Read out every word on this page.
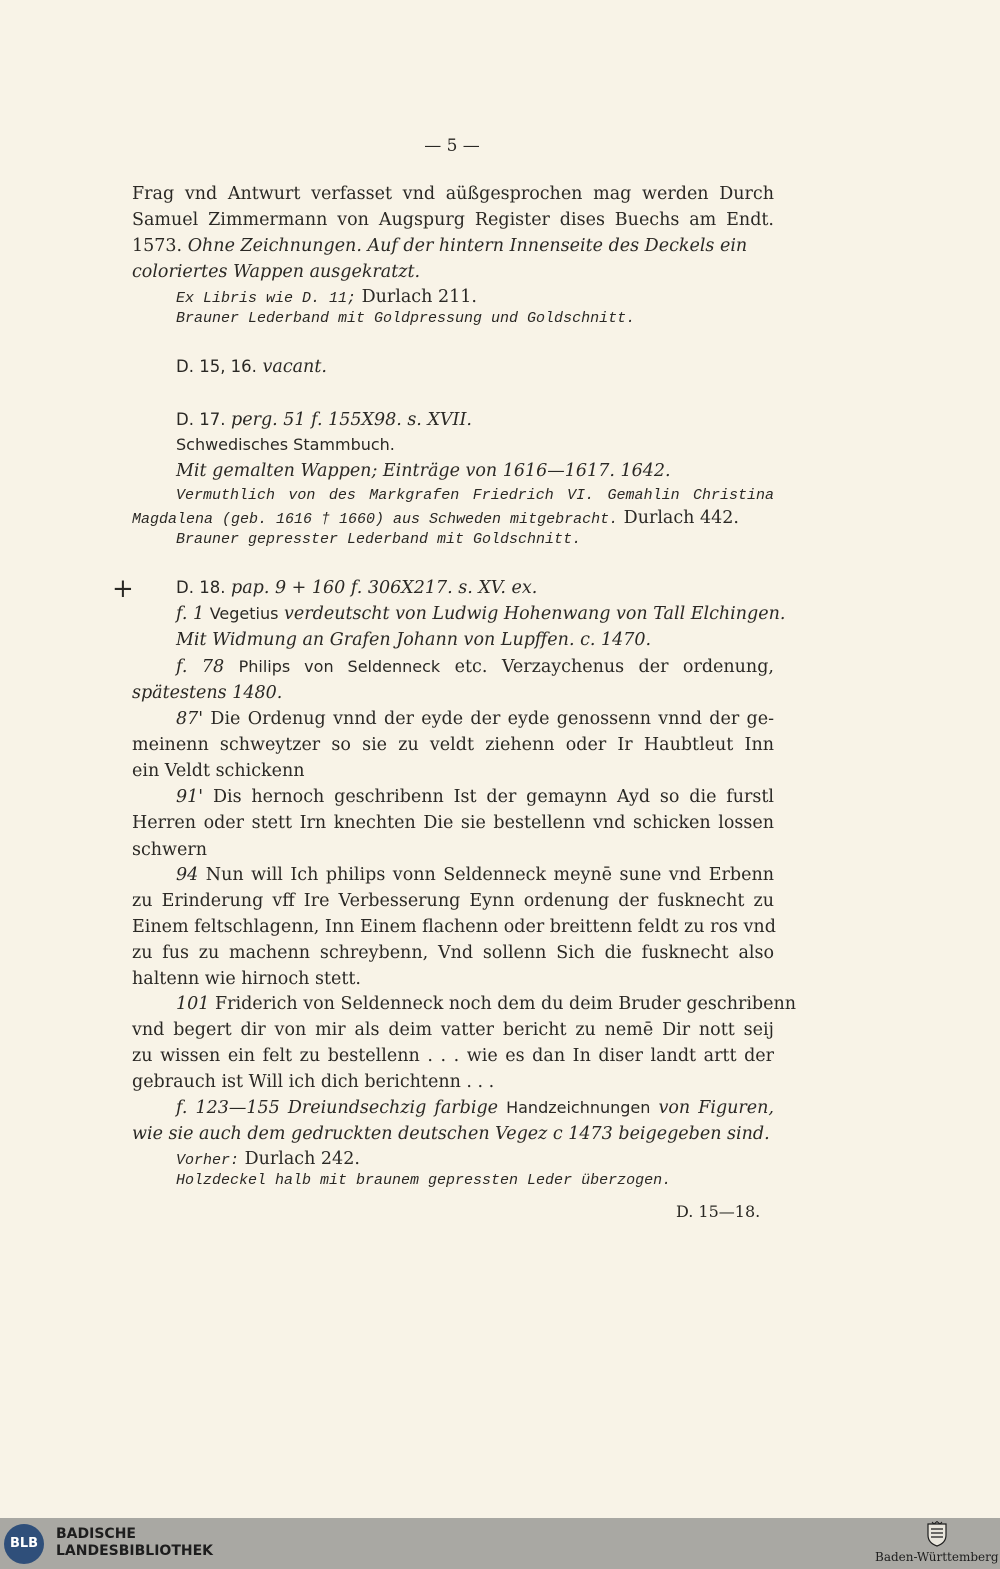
— 5 —
Frag vnd Antwurt verfasset vnd aüßgesprochen mag werden Durch
Samuel Zimmermann von Augspurg Register dises Buechs am Endt.
1573. Ohne Zeichnungen. Auf der hintern Innenseite des Deckels ein
coloriertes Wappen ausgekratzt.
Ex Libris wie D. 11; Durlach 211.
Brauner Lederband mit Goldpressung und Goldschnitt.
D. 15, 16. vacant.
D. 17. perg. 51 f. 155X98. s. XVII.
Schwedisches Stammbuch.
Mit gemalten Wappen; Einträge von 1616—1617. 1642.
Vermuthlich von des Markgrafen Friedrich VI. Gemahlin Christina
Magdalena (geb. 1616 † 1660) aus Schweden mitgebracht. Durlach 442.
Brauner gepresster Lederband mit Goldschnitt.
+	D. 18. pap. 9 + 160 f. 306X217. s. XV. ex.
f. 1 Vegetius verdeutscht von Ludwig Hohenwang von Tall Elchingen.
Mit Widmung an Grafen Johann von Lupffen. c. 1470.
f. 78 Philips von Seldenneck etc. Verzaychenus der ordenung,
spätestens 1480.
87' Die Ordenug vnnd der eyde der eyde genossenn vnnd der ge-
meinenn schweytzer so sie zu veldt ziehenn oder Ir Haubtleut Inn
ein Veldt schickenn
91' Dis hernoch geschribenn Ist der gemaynn Ayd so die furstl
Herren oder stett Irn knechten Die sie bestellenn vnd schicken lossen
schwern
94 Nun will Ich philips vonn Seldenneck meynē sune vnd Erbenn
zu Erinderung vff Ire Verbesserung Eynn ordenung der fusknecht zu
Einem feltschlagenn, Inn Einem flachenn oder breittenn feldt zu ros vnd
zu fus zu machenn schreybenn, Vnd sollenn Sich die fusknecht also
haltenn wie hirnoch stett.
101 Friderich von Seldenneck noch dem du deim Bruder geschribenn
vnd begert dir von mir als deim vatter bericht zu nemē Dir nott seij
zu wissen ein felt zu bestellenn . . . wie es dan In diser landt artt der
gebrauch ist Will ich dich berichtenn . . .
f. 123—155 Dreiundsechzig farbige Handzeichnungen von Figuren,
wie sie auch dem gedruckten deutschen Vegez c 1473 beigegeben sind.
Vorher: Durlach 242.
Holzdeckel halb mit braunem gepressten Leder überzogen.
D. 15—18.
BLB
BADISCHE
LANDESBIBLIOTHEK	Baden-Württemberg
